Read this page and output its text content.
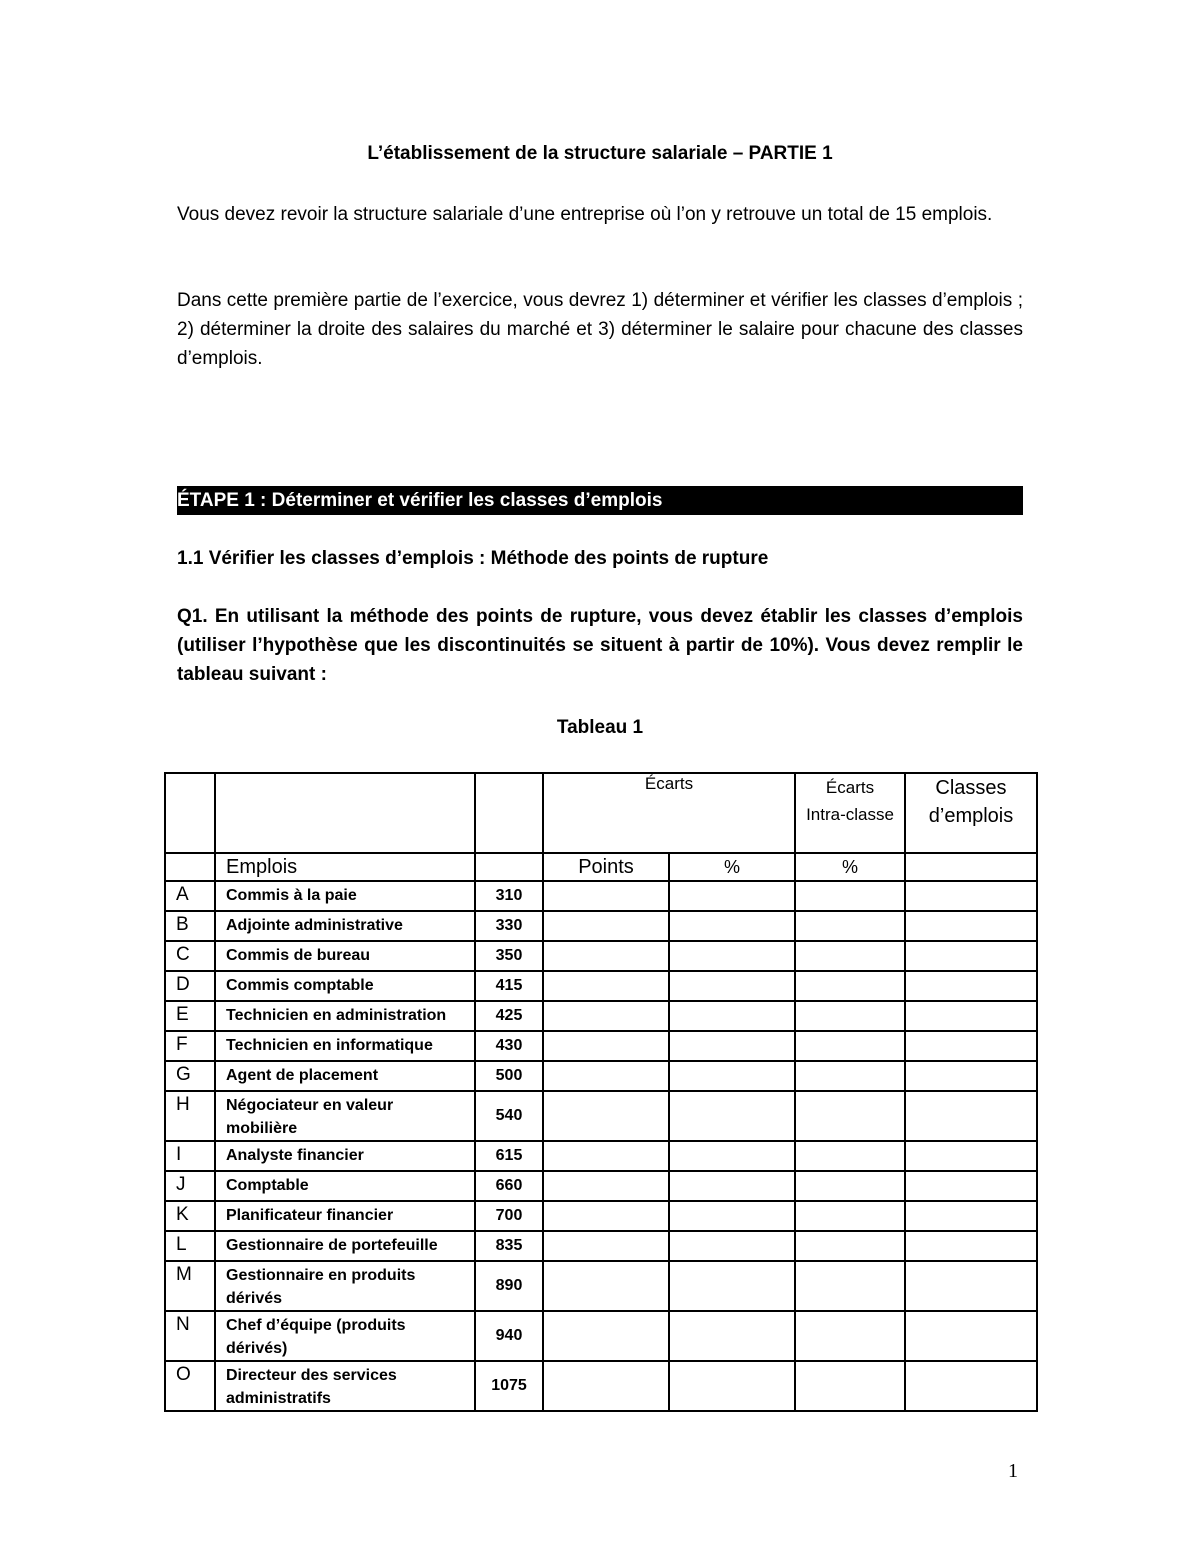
L’établissement de la structure salariale – PARTIE 1
Vous devez revoir la structure salariale d’une entreprise où l’on y retrouve un total de 15 emplois.
Dans cette première partie de l’exercice, vous devrez 1) déterminer et vérifier les classes d’emplois ; 2) déterminer la droite des salaires du marché et 3) déterminer le salaire pour chacune des classes d’emplois.
ÉTAPE 1 : Déterminer et vérifier les classes d’emplois
1.1 Vérifier les classes d’emplois : Méthode des points de rupture
Q1. En utilisant la méthode des points de rupture, vous devez établir les classes d’emplois (utiliser l’hypothèse que les discontinuités se situent à partir de 10%). Vous devez remplir le tableau suivant :
Tableau 1
			Écarts		Écarts Intra-classe	Classes d’emplois
	Emplois		Points	%	%	
A	Commis à la paie	310				
B	Adjointe administrative	330				
C	Commis de bureau	350				
D	Commis comptable	415				
E	Technicien en administration	425				
F	Technicien en informatique	430				
G	Agent de placement	500				
H	Négociateur en valeur mobilière	540				
I	Analyste financier	615				
J	Comptable	660				
K	Planificateur financier	700				
L	Gestionnaire de portefeuille	835				
M	Gestionnaire en produits dérivés	890				
N	Chef d’équipe (produits dérivés)	940				
O	Directeur des services administratifs	1075				
1
